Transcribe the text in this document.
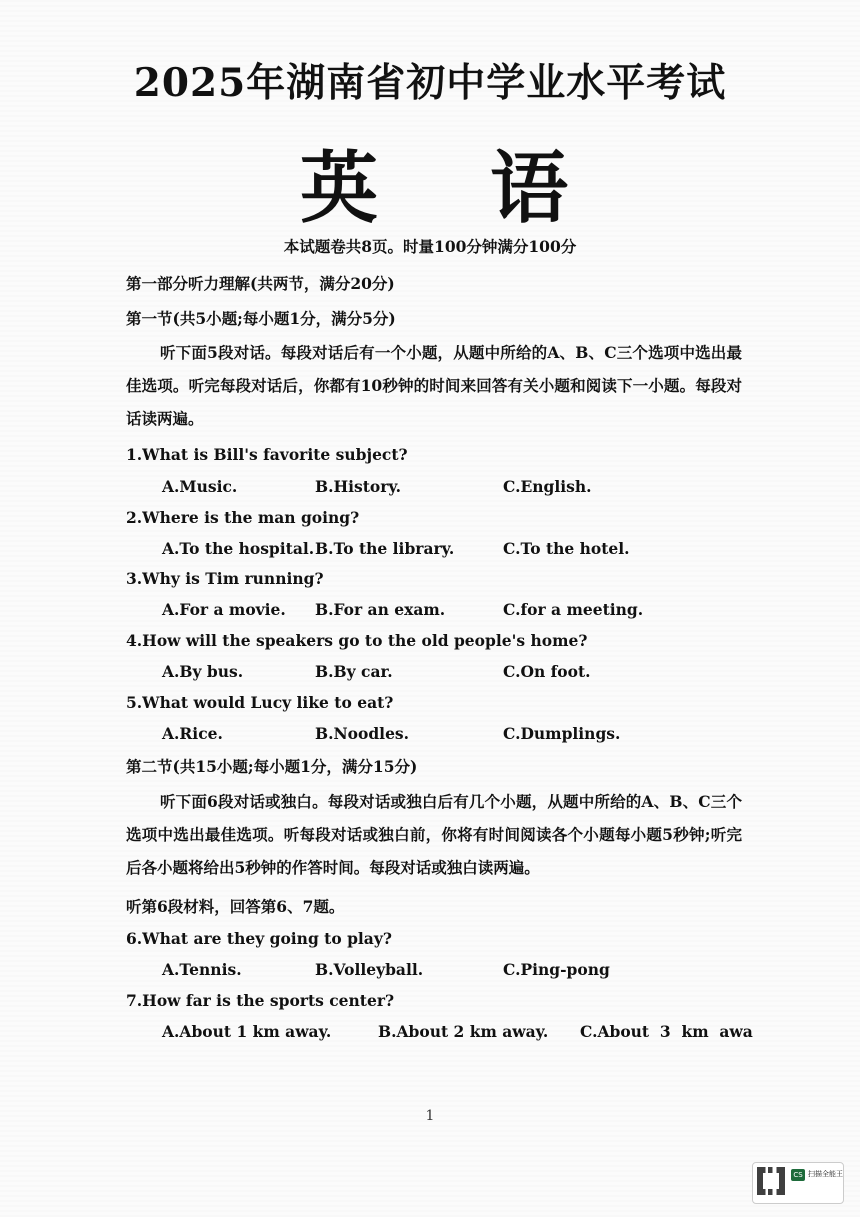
2025年湖南省初中学业水平考试
英 语
本试题卷共8页。时量100分钟满分100分
第一部分听力理解(共两节，满分20分)
第一节(共5小题;每小题1分，满分5分)
听下面5段对话。每段对话后有一个小题，从题中所给的A、B、C三个选项中选出最佳选项。听完每段对话后，你都有10秒钟的时间来回答有关小题和阅读下一小题。每段对话读两遍。
1.What is Bill's favorite subject?
A.Music.	B.History.	C.English.
2.Where is the man going?
A.To the hospital. B.To the library.	C.To the hotel.
3.Why is Tim running?
A.For a movie. B.For an exam.	C.for a meeting.
4.How will the speakers go to the old people's home?
A.By bus.	B.By car.	C.On foot.
5.What would Lucy like to eat?
A.Rice.	B.Noodles.	C.Dumplings.
第二节(共15小题;每小题1分，满分15分)
听下面6段对话或独白。每段对话或独白后有几个小题，从题中所给的A、B、C三个选项中选出最佳选项。听每段对话或独白前，你将有时间阅读各个小题每小题5秒钟;听完后各小题将给出5秒钟的作答时间。每段对话或独白读两遍。
听第6段材料，回答第6、7题。
6.What are they going to play?
A.Tennis.	B.Volleyball.	C.Ping-pong
7.How far is the sports center?
A.About 1 km away.	B.About 2 km away. C.About  3  km  awa
1
CS 扫描全能王
